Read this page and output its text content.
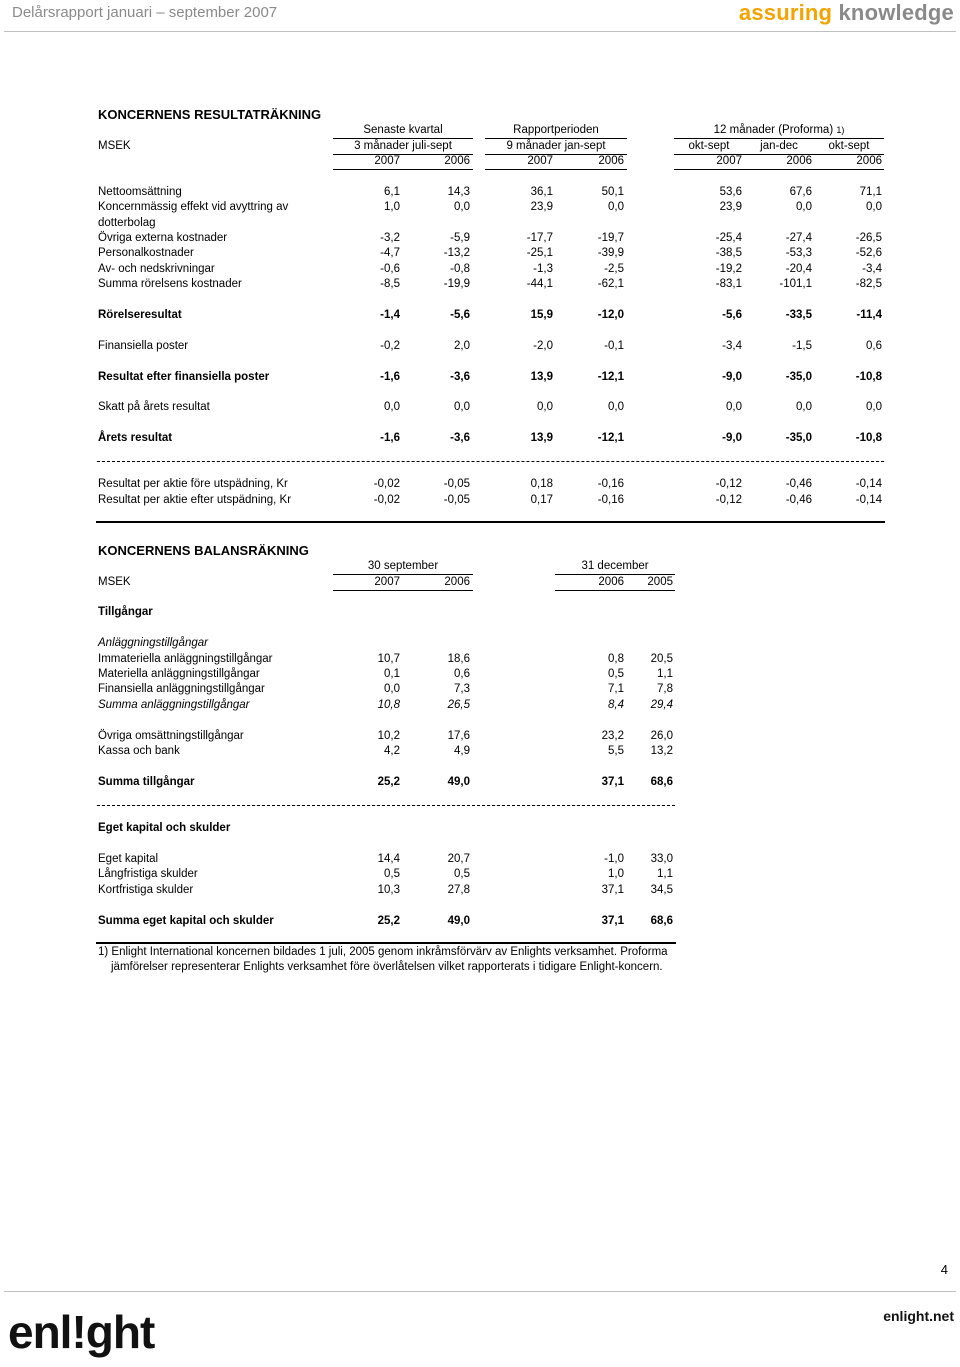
Delårsrapport januari – september 2007	assuring knowledge
KONCERNENS RESULTATRÄKNING
Senaste kvartal	Rapportperioden	12 månader (Proforma) 1)
MSEK	3 månader juli-sept	9 månader jan-sept	okt-sept	jan-dec	okt-sept
2007	2006	2007	2006	2007	2006	2006
Nettoomsättning	6,1	14,3	36,1	50,1	53,6	67,6	71,1
Koncernmässig effekt vid avyttring av	1,0	0,0	23,9	0,0	23,9	0,0	0,0
dotterbolag
Övriga externa kostnader	-3,2	-5,9	-17,7	-19,7	-25,4	-27,4	-26,5
Personalkostnader	-4,7	-13,2	-25,1	-39,9	-38,5	-53,3	-52,6
Av- och nedskrivningar	-0,6	-0,8	-1,3	-2,5	-19,2	-20,4	-3,4
Summa rörelsens kostnader	-8,5	-19,9	-44,1	-62,1	-83,1	-101,1	-82,5
Rörelseresultat	-1,4	-5,6	15,9	-12,0	-5,6	-33,5	-11,4
Finansiella poster	-0,2	2,0	-2,0	-0,1	-3,4	-1,5	0,6
Resultat efter finansiella poster	-1,6	-3,6	13,9	-12,1	-9,0	-35,0	-10,8
Skatt på årets resultat	0,0	0,0	0,0	0,0	0,0	0,0	0,0
Årets resultat	-1,6	-3,6	13,9	-12,1	-9,0	-35,0	-10,8
Resultat per aktie före utspädning, Kr	-0,02	-0,05	0,18	-0,16	-0,12	-0,46	-0,14
Resultat per aktie efter utspädning, Kr	-0,02	-0,05	0,17	-0,16	-0,12	-0,46	-0,14
KONCERNENS BALANSRÄKNING
30 september	31 december
MSEK	2007	2006	2006 2005
Tillgångar
Anläggningstillgångar
Immateriella anläggningstillgångar	10,7	18,6	0,8 20,5
Materiella anläggningstillgångar	0,1	0,6	0,5	1,1
Finansiella anläggningstillgångar	0,0	7,3	7,1	7,8
Summa anläggningstillgångar	10,8	26,5	8,4 29,4
Övriga omsättningstillgångar	10,2	17,6	23,2 26,0
Kassa och bank	4,2	4,9	5,5 13,2
Summa tillgångar	25,2	49,0	37,1 68,6
Eget kapital och skulder
Eget kapital	14,4	20,7	-1,0 33,0
Långfristiga skulder	0,5	0,5	1,0	1,1
Kortfristiga skulder	10,3	27,8	37,1 34,5
Summa eget kapital och skulder	25,2	49,0	37,1 68,6
1) Enlight International koncernen bildades 1 juli, 2005 genom inkråmsförvärv av Enlights verksamhet. Proforma
jämförelser representerar Enlights verksamhet före överlåtelsen vilket rapporterats i tidigare Enlight-koncern.
4
enl!ght	enlight.net
